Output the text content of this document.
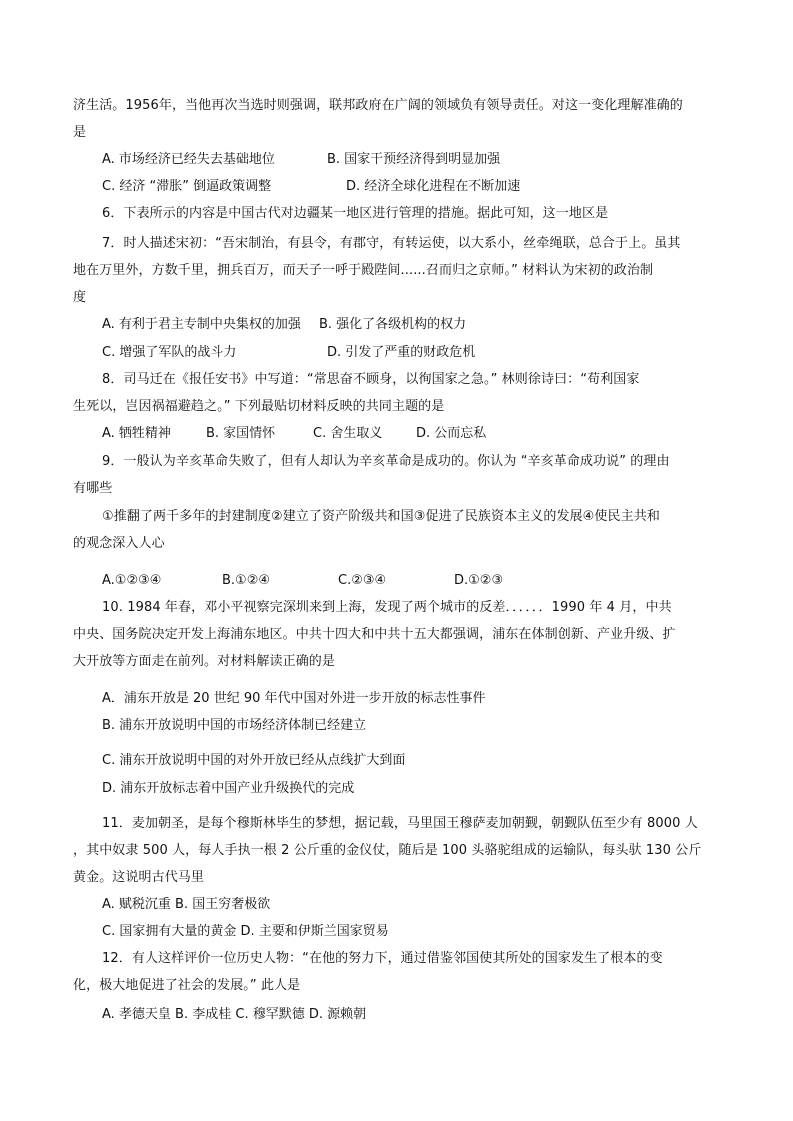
济生活。1956年，当他再次当选时则强调，联邦政府在广阔的领域负有领导责任。对这一变化理解准确的
是
A. 市场经济已经失去基础地位	B. 国家干预经济得到明显加强
C. 经济 “滞胀” 倒逼政策调整	D. 经济全球化进程在不断加速
6．下表所示的内容是中国古代对边疆某一地区进行管理的措施。据此可知，这一地区是
7．时人描述宋初：“吾宋制治，有县令，有郡守，有转运使，以大系小，丝牵绳联，总合于上。虽其
地在万里外，方数千里，拥兵百万，而天子一呼于殿陛间......召而归之京师。” 材料认为宋初的政治制
度
A. 有利于君主专制中央集权的加强 B. 强化了各级机构的权力
C. 增强了军队的战斗力	D. 引发了严重的财政危机
8．司马迁在《报任安书》中写道：“常思奋不顾身，以徇国家之急。” 林则徐诗曰：“苟利国家
生死以，岂因祸福避趋之。” 下列最贴切材料反映的共同主题的是
A. 牺牲精神	B. 家国情怀	C. 舍生取义	D. 公而忘私
9．一般认为辛亥革命失败了，但有人却认为辛亥革命是成功的。你认为 “辛亥革命成功说” 的理由
有哪些
①推翻了两千多年的封建制度②建立了资产阶级共和国③促进了民族资本主义的发展④使民主共和
的观念深入人心
A.①②③④	B.①②④	C.②③④	D.①②③
10. 1984 年春，邓小平视察完深圳来到上海，发现了两个城市的反差．．．．．．1990 年 4 月，中共
中央、国务院决定开发上海浦东地区。中共十四大和中共十五大都强调，浦东在体制创新、产业升级、扩
大开放等方面走在前列。对材料解读正确的是
A．浦东开放是 20 世纪 90 年代中国对外进一步开放的标志性事件
B. 浦东开放说明中国的市场经济体制已经建立
C. 浦东开放说明中国的对外开放已经从点线扩大到面
D. 浦东开放标志着中国产业升级换代的完成
11．麦加朝圣，是每个穆斯林毕生的梦想，据记载，马里国王穆萨麦加朝觐，朝觐队伍至少有 8000 人
，其中奴隶 500 人，每人手执一根 2 公斤重的金仪仗，随后是 100 头骆驼组成的运输队，每头驮 130 公斤
黄金。这说明古代马里
A. 赋税沉重 B. 国王穷奢极欲
C. 国家拥有大量的黄金 D. 主要和伊斯兰国家贸易
12．有人这样评价一位历史人物：“在他的努力下，通过借鉴邻国使其所处的国家发生了根本的变
化，极大地促进了社会的发展。” 此人是
A. 孝德天皇 B. 李成桂 C. 穆罕默德 D. 源赖朝
